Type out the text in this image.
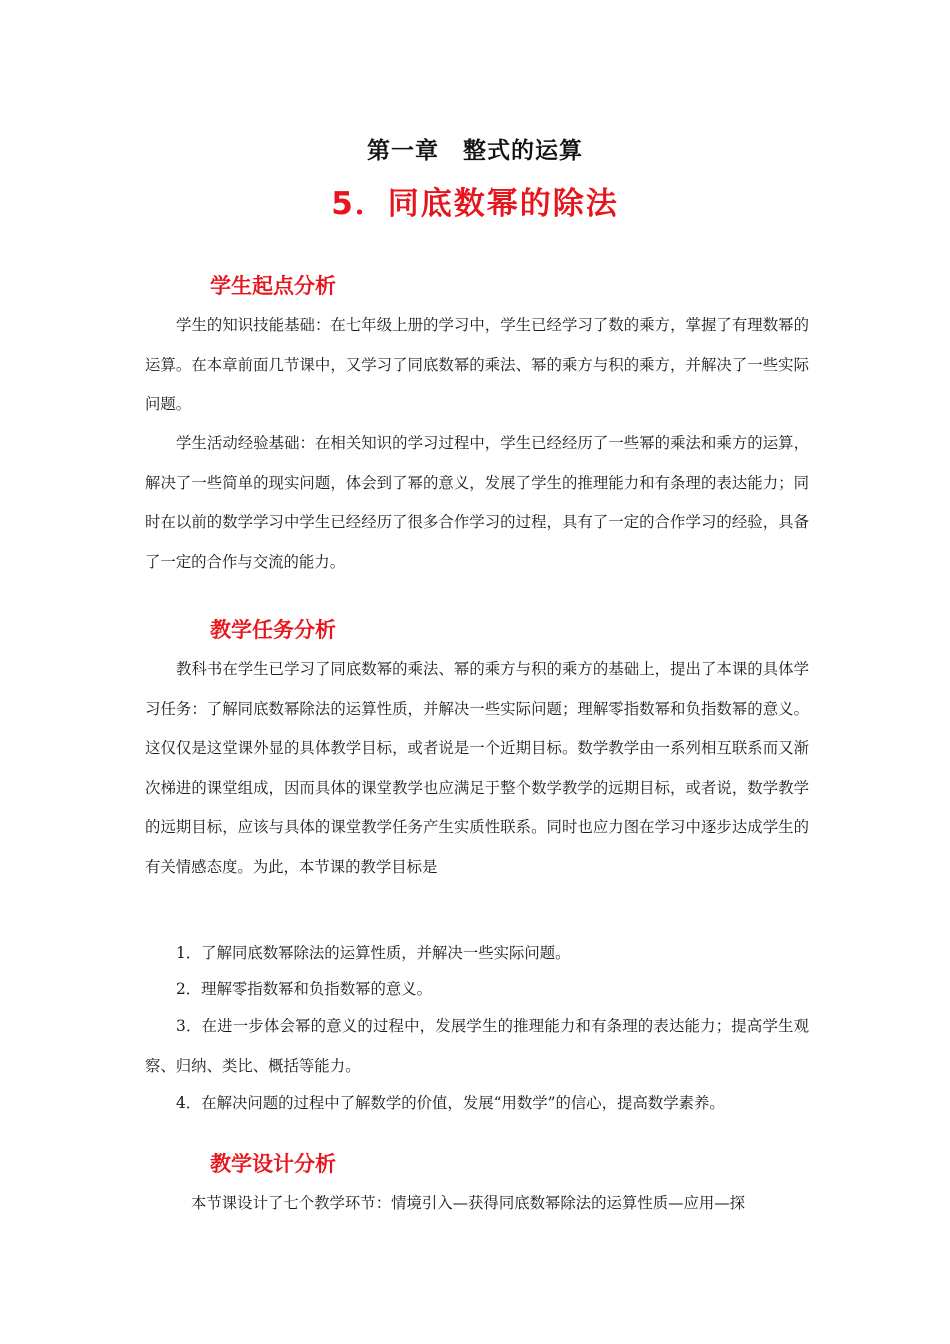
第一章　整式的运算
5．同底数幂的除法
学生起点分析

学生的知识技能基础：在七年级上册的学习中，学生已经学习了数的乘方，掌握了有理数幂的运算。在本章前面几节课中，又学习了同底数幂的乘法、幂的乘方与积的乘方，并解决了一些实际问题。

学生活动经验基础：在相关知识的学习过程中，学生已经经历了一些幂的乘法和乘方的运算，解决了一些简单的现实问题，体会到了幂的意义，发展了学生的推理能力和有条理的表达能力；同时在以前的数学学习中学生已经经历了很多合作学习的过程，具有了一定的合作学习的经验，具备了一定的合作与交流的能力。

教学任务分析

教科书在学生已学习了同底数幂的乘法、幂的乘方与积的乘方的基础上，提出了本课的具体学习任务：了解同底数幂除法的运算性质，并解决一些实际问题；理解零指数幂和负指数幂的意义。这仅仅是这堂课外显的具体教学目标，或者说是一个近期目标。数学教学由一系列相互联系而又渐次梯进的课堂组成，因而具体的课堂教学也应满足于整个数学教学的远期目标，或者说，数学教学的远期目标，应该与具体的课堂教学任务产生实质性联系。同时也应力图在学习中逐步达成学生的有关情感态度。为此，本节课的教学目标是

1．了解同底数幂除法的运算性质，并解决一些实际问题。

2．理解零指数幂和负指数幂的意义。

3．在进一步体会幂的意义的过程中，发展学生的推理能力和有条理的表达能力；提高学生观察、归纳、类比、概括等能力。

4．在解决问题的过程中了解数学的价值，发展“用数学”的信心，提高数学素养。

教学设计分析

本节课设计了七个教学环节：情境引入—获得同底数幂除法的运算性质—应用—探
